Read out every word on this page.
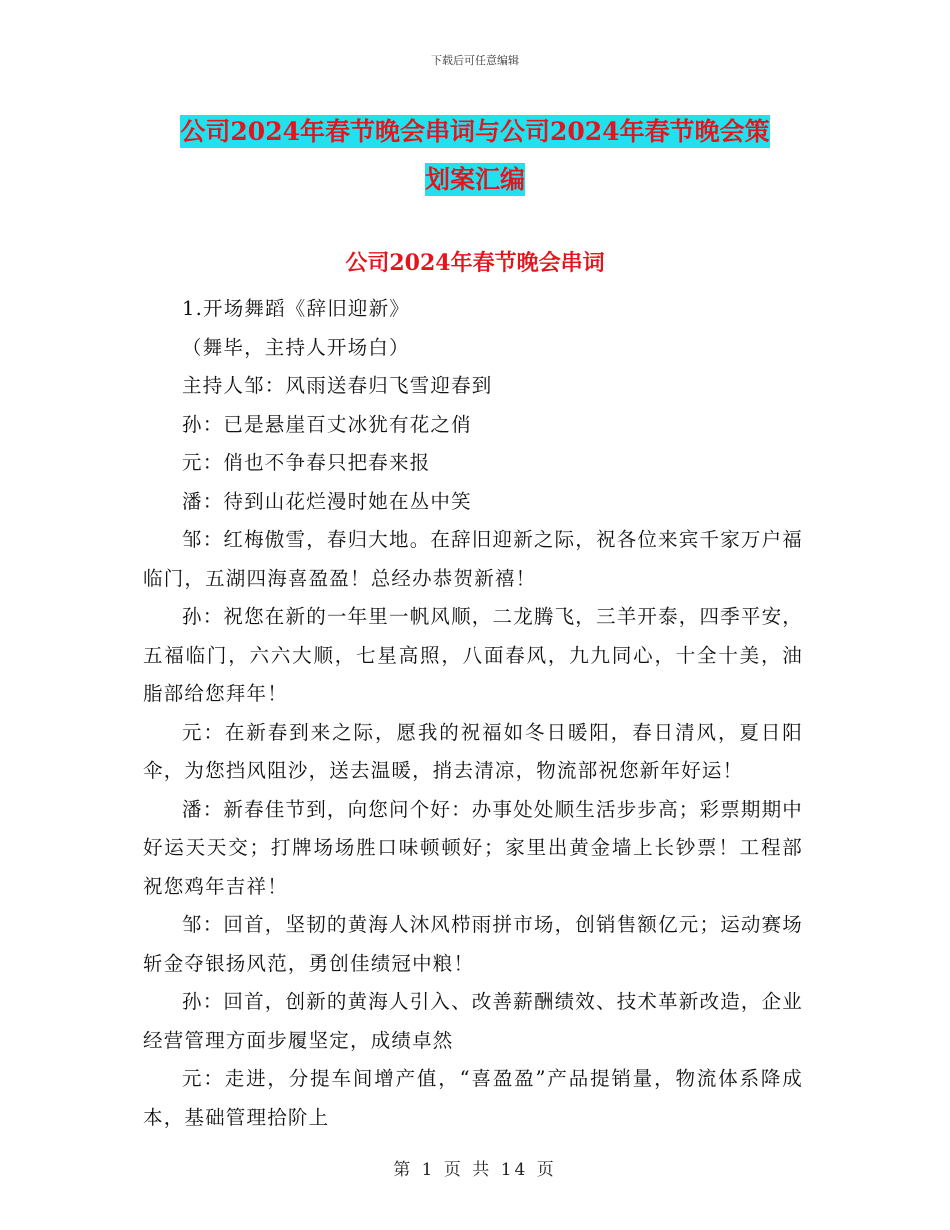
下载后可任意编辑
公司2024年春节晚会串词与公司2024年春节晚会策
划案汇编
公司2024年春节晚会串词

1.开场舞蹈《辞旧迎新》

（舞毕，主持人开场白）

主持人邹：风雨送春归飞雪迎春到

孙：已是悬崖百丈冰犹有花之俏

元：俏也不争春只把春来报

潘：待到山花烂漫时她在丛中笑

邹：红梅傲雪，春归大地。在辞旧迎新之际，祝各位来宾千家万户福临门，五湖四海喜盈盈！总经办恭贺新禧！

孙：祝您在新的一年里一帆风顺，二龙腾飞，三羊开泰，四季平安，五福临门，六六大顺，七星高照，八面春风，九九同心，十全十美，油脂部给您拜年！

元：在新春到来之际，愿我的祝福如冬日暖阳，春日清风，夏日阳伞，为您挡风阻沙，送去温暖，捎去清凉，物流部祝您新年好运！

潘：新春佳节到，向您问个好：办事处处顺生活步步高；彩票期期中好运天天交；打牌场场胜口味顿顿好；家里出黄金墙上长钞票！工程部祝您鸡年吉祥！

邹：回首，坚韧的黄海人沐风栉雨拼市场，创销售额亿元；运动赛场斩金夺银扬风范，勇创佳绩冠中粮！

孙：回首，创新的黄海人引入、改善薪酬绩效、技术革新改造，企业经营管理方面步履坚定，成绩卓然

元：走进，分提车间增产值，“喜盈盈”产品提销量，物流体系降成本，基础管理拾阶上

第 1 页 共 14 页
